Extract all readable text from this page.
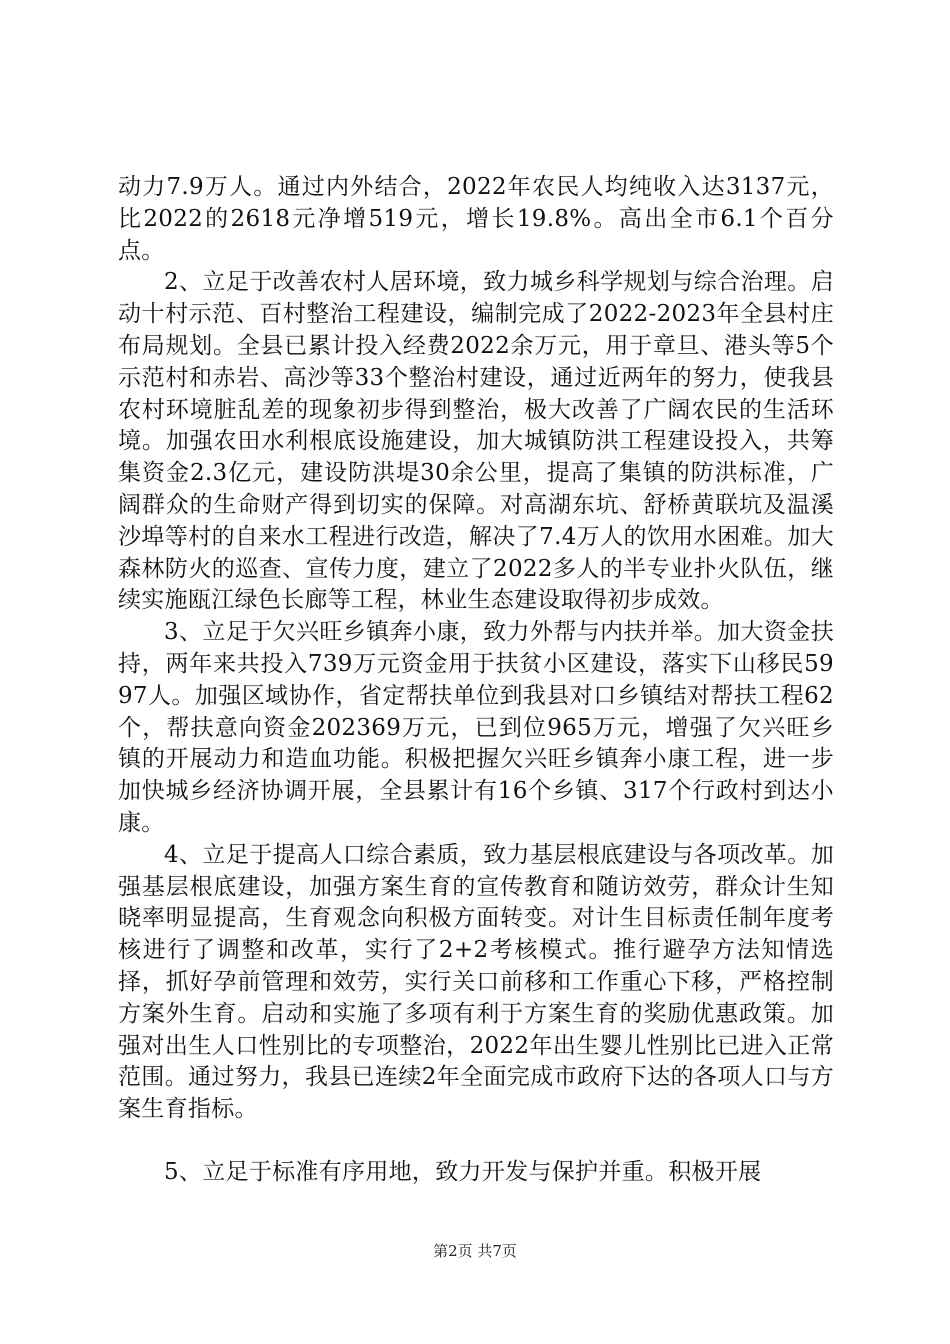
动力7.9万人。通过内外结合，2022年农民人均纯收入达3137元，比2022的2618元净增519元，增长19.8%。高出全市6.1个百分点。

2、立足于改善农村人居环境，致力城乡科学规划与综合治理。启动十村示范、百村整治工程建设，编制完成了2022-2023年全县村庄布局规划。全县已累计投入经费2022余万元，用于章旦、港头等5个示范村和赤岩、高沙等33个整治村建设，通过近两年的努力，使我县农村环境脏乱差的现象初步得到整治，极大改善了广阔农民的生活环境。加强农田水利根底设施建设，加大城镇防洪工程建设投入，共筹集资金2.3亿元，建设防洪堤30余公里，提高了集镇的防洪标准，广阔群众的生命财产得到切实的保障。对高湖东坑、舒桥黄联坑及温溪沙埠等村的自来水工程进行改造，解决了7.4万人的饮用水困难。加大森林防火的巡查、宣传力度，建立了2022多人的半专业扑火队伍，继续实施瓯江绿色长廊等工程，林业生态建设取得初步成效。

3、立足于欠兴旺乡镇奔小康，致力外帮与内扶并举。加大资金扶持，两年来共投入739万元资金用于扶贫小区建设，落实下山移民5997人。加强区域协作，省定帮扶单位到我县对口乡镇结对帮扶工程62个，帮扶意向资金202369万元，已到位965万元，增强了欠兴旺乡镇的开展动力和造血功能。积极把握欠兴旺乡镇奔小康工程，进一步加快城乡经济协调开展，全县累计有16个乡镇、317个行政村到达小康。

4、立足于提高人口综合素质，致力基层根底建设与各项改革。加强基层根底建设，加强方案生育的宣传教育和随访效劳，群众计生知晓率明显提高，生育观念向积极方面转变。对计生目标责任制年度考核进行了调整和改革，实行了2+2考核模式。推行避孕方法知情选择，抓好孕前管理和效劳，实行关口前移和工作重心下移，严格控制方案外生育。启动和实施了多项有利于方案生育的奖励优惠政策。加强对出生人口性别比的专项整治，2022年出生婴儿性别比已进入正常范围。通过努力，我县已连续2年全面完成市政府下达的各项人口与方案生育指标。

5、立足于标准有序用地，致力开发与保护并重。积极开展

第2页 共7页
